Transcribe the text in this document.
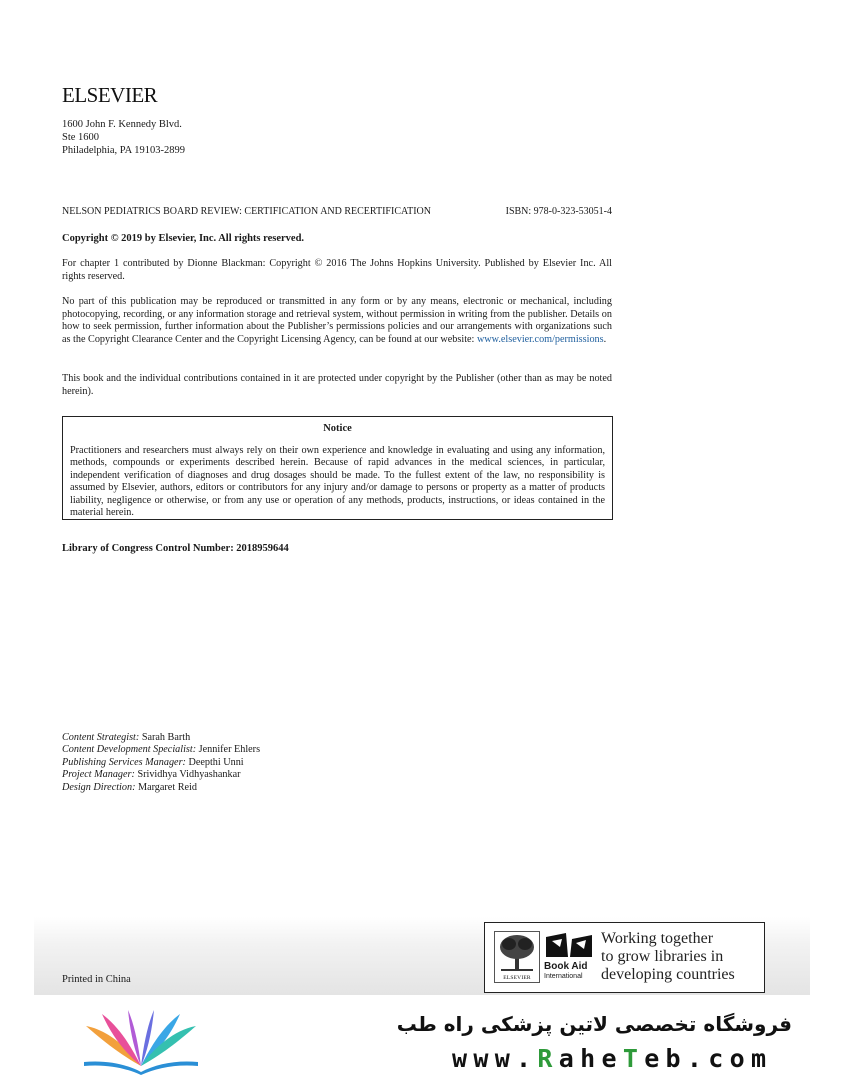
ELSEVIER
1600 John F. Kennedy Blvd.
Ste 1600
Philadelphia, PA 19103-2899
NELSON PEDIATRICS BOARD REVIEW: CERTIFICATION AND RECERTIFICATION	ISBN: 978-0-323-53051-4
Copyright © 2019 by Elsevier, Inc. All rights reserved.
For chapter 1 contributed by Dionne Blackman: Copyright © 2016 The Johns Hopkins University. Published by Elsevier Inc. All rights reserved.
No part of this publication may be reproduced or transmitted in any form or by any means, electronic or mechanical, including photocopying, recording, or any information storage and retrieval system, without permission in writing from the publisher. Details on how to seek permission, further information about the Publisher’s permissions policies and our arrangements with organizations such as the Copyright Clearance Center and the Copyright Licensing Agency, can be found at our website: www.elsevier.com/permissions.
This book and the individual contributions contained in it are protected under copyright by the Publisher (other than as may be noted herein).
Notice
Practitioners and researchers must always rely on their own experience and knowledge in evaluating and using any information, methods, compounds or experiments described herein. Because of rapid advances in the medical sciences, in particular, independent verification of diagnoses and drug dosages should be made. To the fullest extent of the law, no responsibility is assumed by Elsevier, authors, editors or contributors for any injury and/or damage to persons or property as a matter of products liability, negligence or otherwise, or from any use or operation of any methods, products, instructions, or ideas contained in the material herein.
Library of Congress Control Number: 2018959644
Content Strategist: Sarah Barth
Content Development Specialist: Jennifer Ehlers
Publishing Services Manager: Deepthi Unni
Project Manager: Srividhya Vidhyashankar
Design Direction: Margaret Reid
Printed in China	ELSEVIER
Book Aid
International
Working together
to grow libraries in
developing countries
فروشگاه تخصصی لاتین پزشکی راه طب
www.RaheTeb.com
